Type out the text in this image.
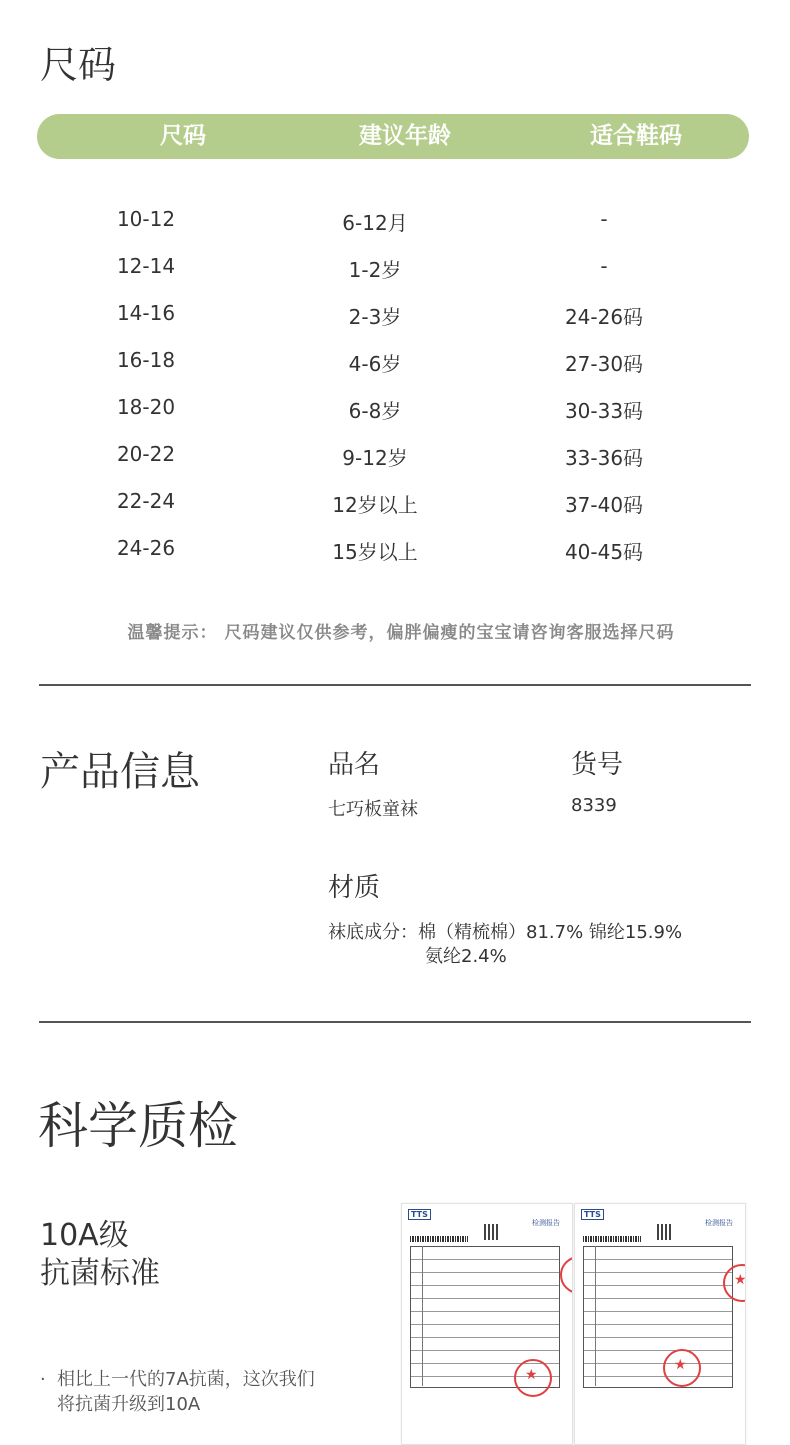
尺码
尺码	建议年龄	适合鞋码
10-12	6-12月	-
12-14	1-2岁	-
14-16	2-3岁	24-26码
16-18	4-6岁	27-30码
18-20	6-8岁	30-33码
20-22	9-12岁	33-36码
22-24	12岁以上	37-40码
24-26	15岁以上	40-45码
温馨提示： 尺码建议仅供参考，偏胖偏瘦的宝宝请咨询客服选择尺码
产品信息	品名
七巧板童袜
货号
8339
材质
袜底成分：棉（精梳棉）81.7% 锦纶15.9%
氨纶2.4%
科学质检
10A级
抗菌标准
· 相比上一代的7A抗菌，这次我们
将抗菌升级到10A
TTS
检测报告
★
★
TTS
检测报告
★
★
